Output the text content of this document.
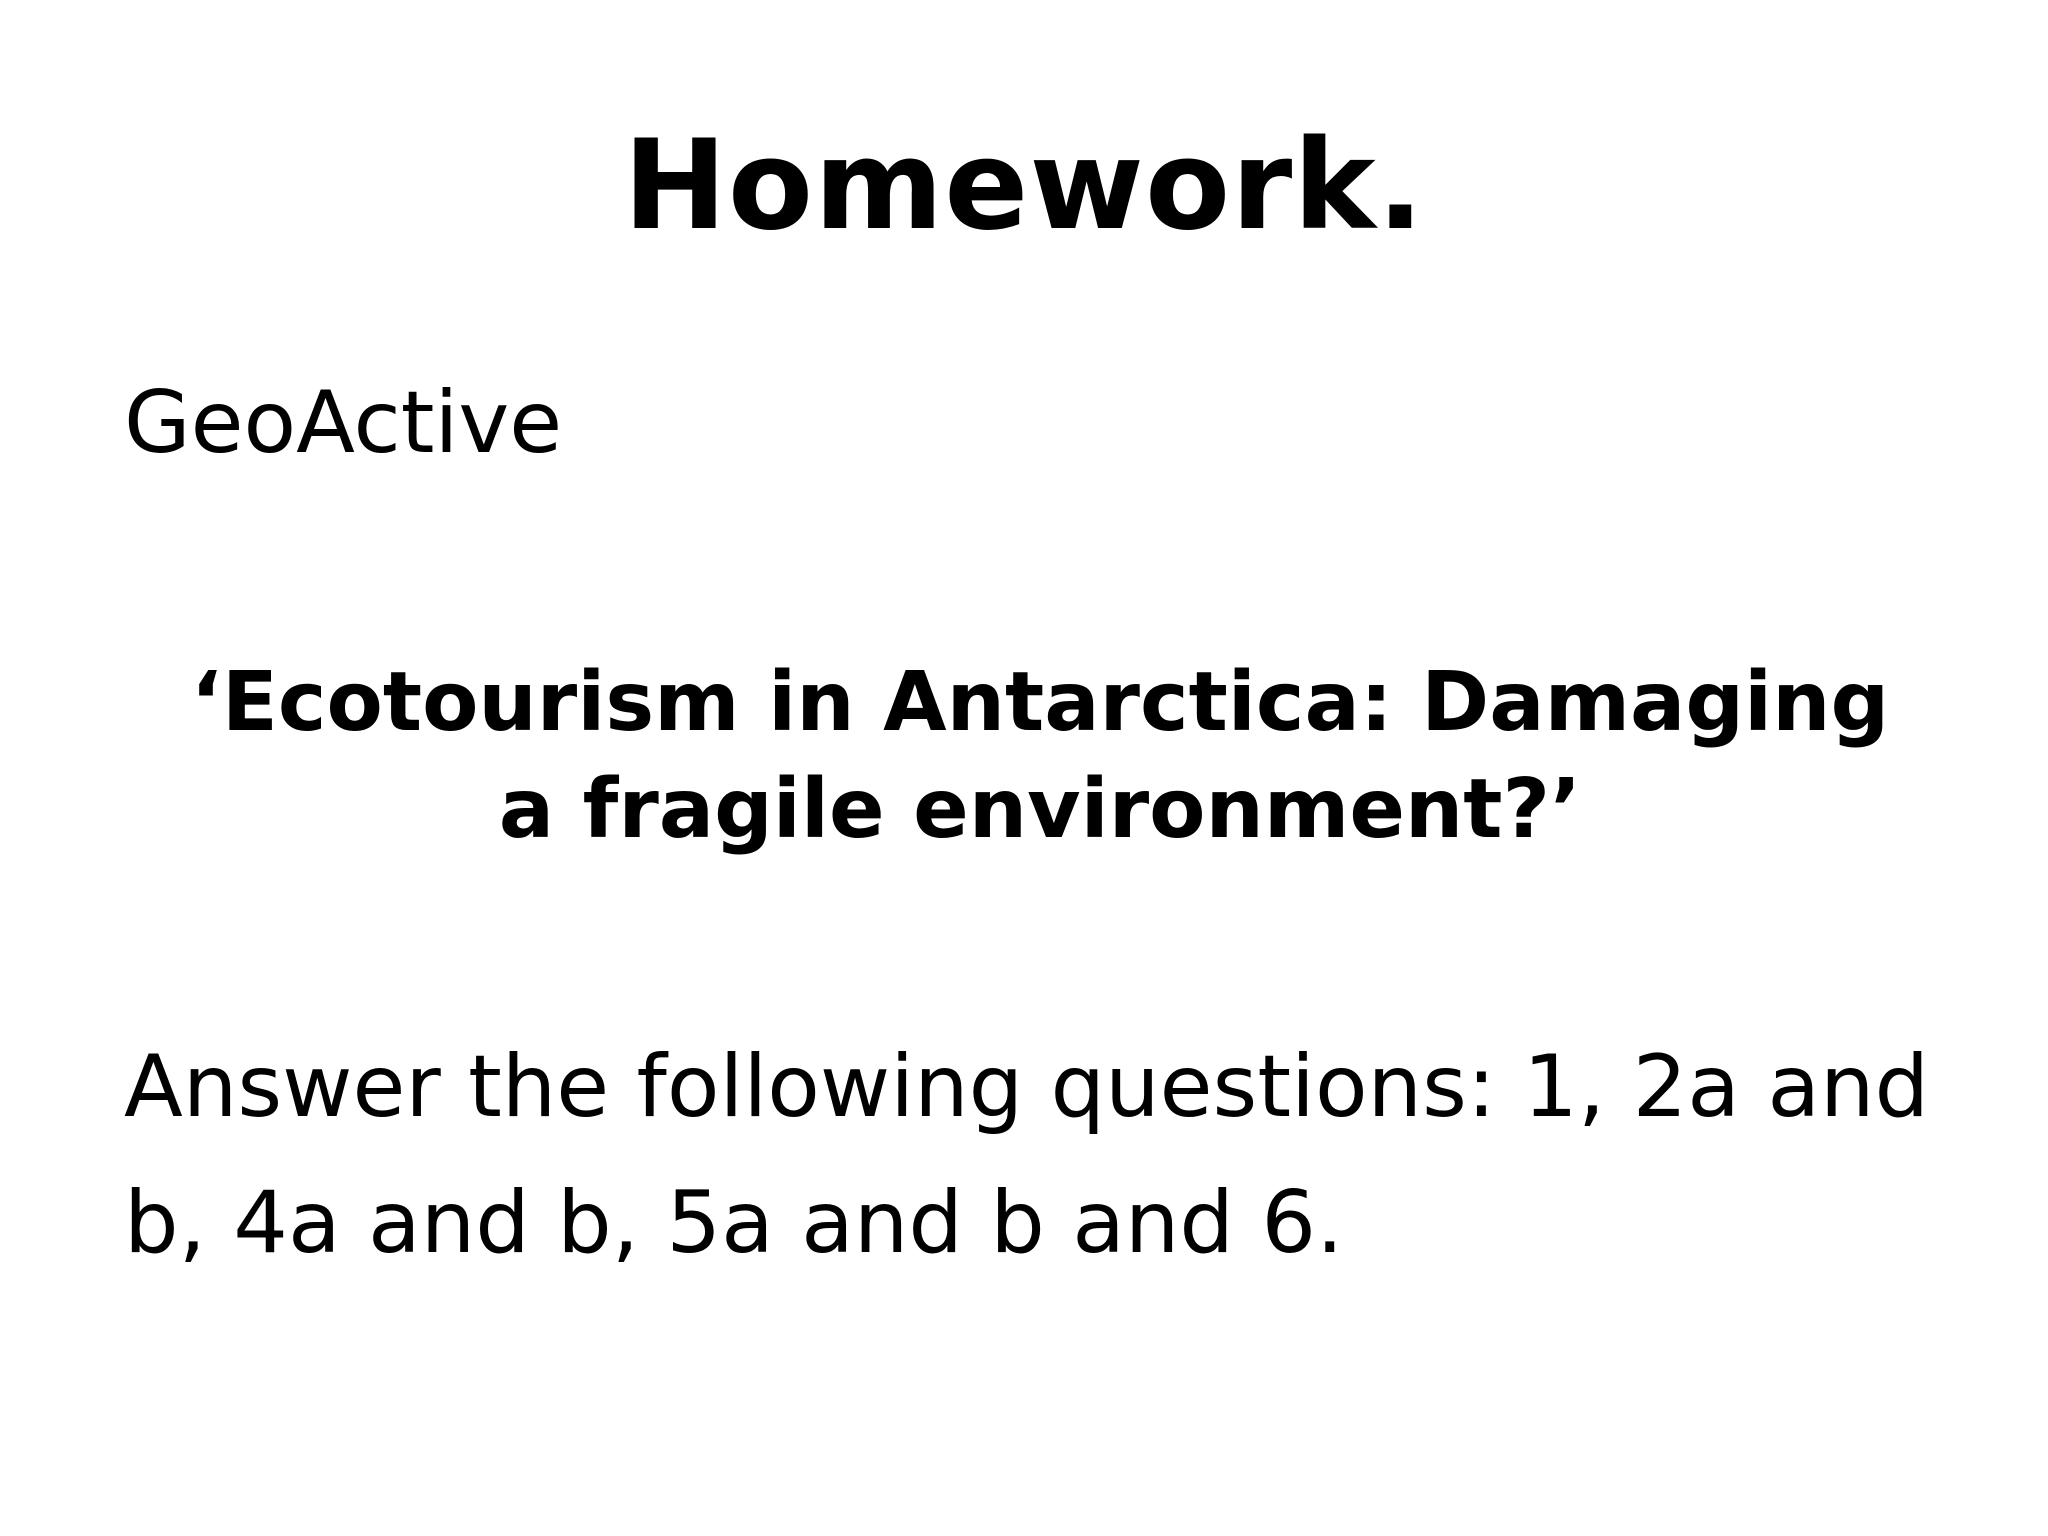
Homework.
GeoActive
‘Ecotourism in Antarctica: Damaging a fragile environment?’
Answer the following questions: 1, 2a and b, 4a and b, 5a and b and 6.
